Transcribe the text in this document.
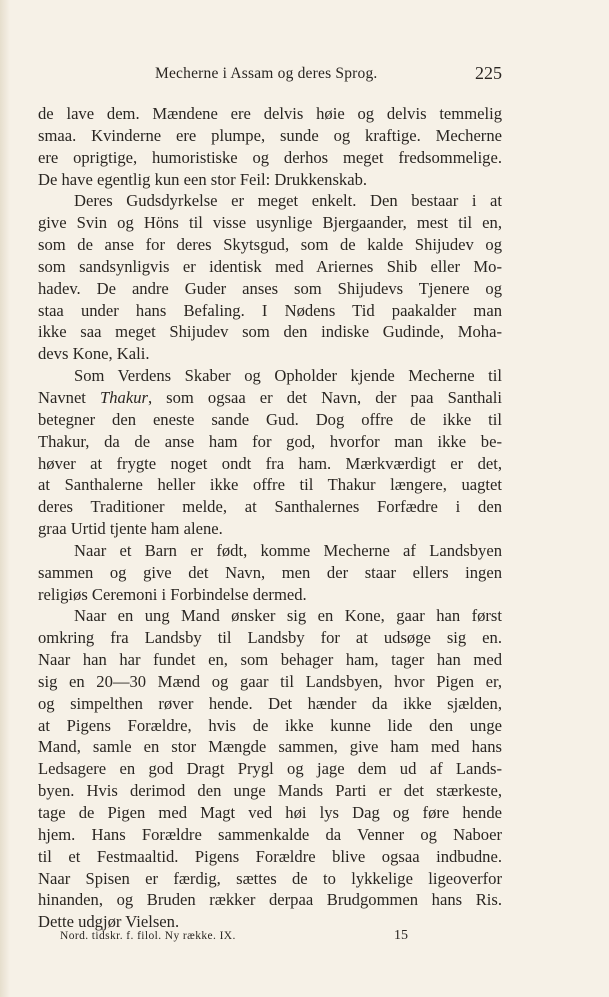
Mecherne i Assam og deres Sprog.	225
de lave dem. Mændene ere delvis høie og delvis temmelig
smaa. Kvinderne ere plumpe, sunde og kraftige. Mecherne
ere oprigtige, humoristiske og derhos meget fredsommelige.
De have egentlig kun een stor Feil: Drukkenskab.
Deres Gudsdyrkelse er meget enkelt. Den bestaar i at
give Svin og Höns til visse usynlige Bjergaander, mest til en,
som de anse for deres Skytsgud, som de kalde Shijudev og
som sandsynligvis er identisk med Ariernes Shib eller Mo-
hadev. De andre Guder anses som Shijudevs Tjenere og
staa under hans Befaling. I Nødens Tid paakalder man
ikke saa meget Shijudev som den indiske Gudinde, Moha-
devs Kone, Kali.
Som Verdens Skaber og Opholder kjende Mecherne til
Navnet Thakur, som ogsaa er det Navn, der paa Santhali
betegner den eneste sande Gud. Dog offre de ikke til
Thakur, da de anse ham for god, hvorfor man ikke be-
høver at frygte noget ondt fra ham. Mærkværdigt er det,
at Santhalerne heller ikke offre til Thakur længere, uagtet
deres Traditioner melde, at Santhalernes Forfædre i den
graa Urtid tjente ham alene.
Naar et Barn er født, komme Mecherne af Landsbyen
sammen og give det Navn, men der staar ellers ingen
religiøs Ceremoni i Forbindelse dermed.
Naar en ung Mand ønsker sig en Kone, gaar han først
omkring fra Landsby til Landsby for at udsøge sig en.
Naar han har fundet en, som behager ham, tager han med
sig en 20—30 Mænd og gaar til Landsbyen, hvor Pigen er,
og simpelthen røver hende. Det hænder da ikke sjælden,
at Pigens Forældre, hvis de ikke kunne lide den unge
Mand, samle en stor Mængde sammen, give ham med hans
Ledsagere en god Dragt Prygl og jage dem ud af Lands-
byen. Hvis derimod den unge Mands Parti er det stærkeste,
tage de Pigen med Magt ved høi lys Dag og føre hende
hjem. Hans Forældre sammenkalde da Venner og Naboer
til et Festmaaltid. Pigens Forældre blive ogsaa indbudne.
Naar Spisen er færdig, sættes de to lykkelige ligeoverfor
hinanden, og Bruden rækker derpaa Brudgommen hans Ris.
Dette udgjør Vielsen.
Nord. tidskr. f. filol. Ny række. IX.	15
